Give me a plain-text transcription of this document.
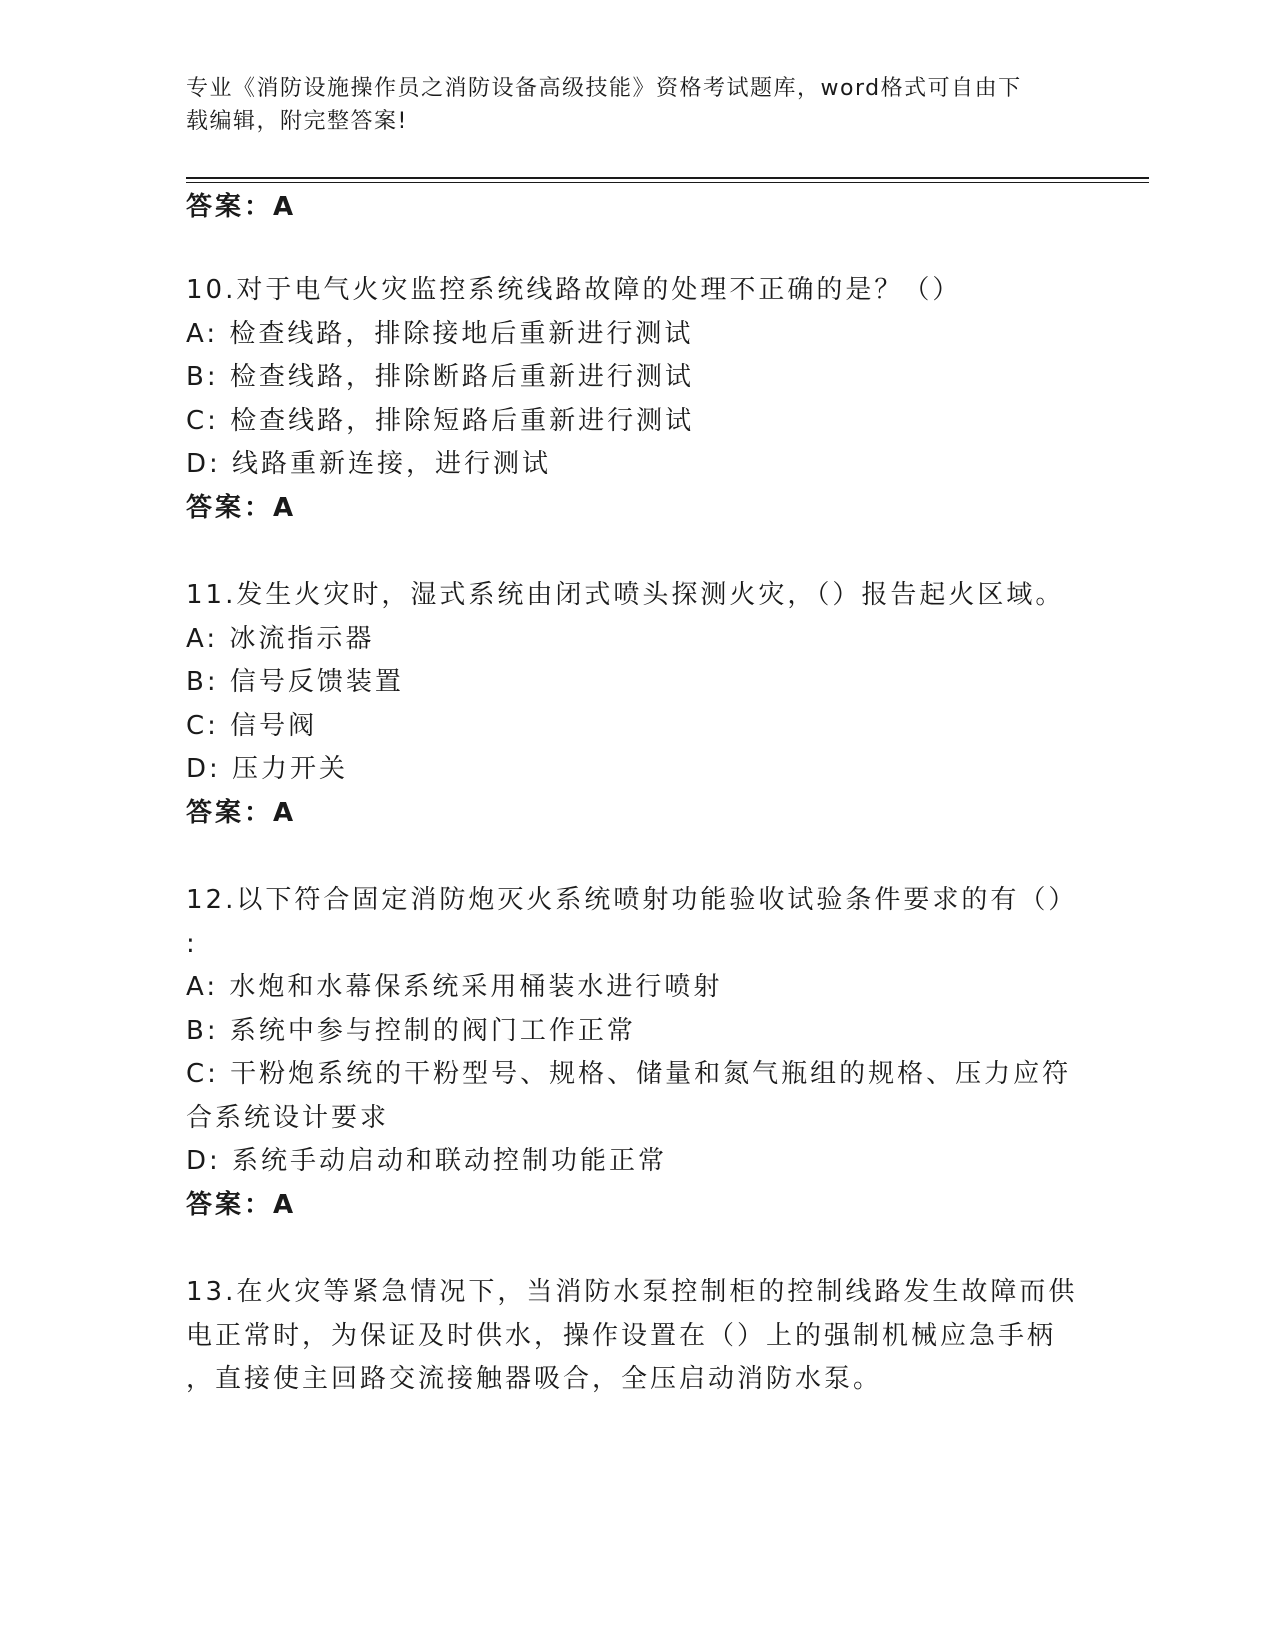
专业《消防设施操作员之消防设备高级技能》资格考试题库，word格式可自由下
载编辑，附完整答案!
答案：A
10.对于电气火灾监控系统线路故障的处理不正确的是？（）
A: 检查线路，排除接地后重新进行测试
B: 检查线路，排除断路后重新进行测试
C: 检查线路，排除短路后重新进行测试
D: 线路重新连接，进行测试
答案：A
11.发生火灾时，湿式系统由闭式喷头探测火灾，（）报告起火区域。
A: 冰流指示器
B: 信号反馈装置
C: 信号阀
D: 压力开关
答案：A
12.以下符合固定消防炮灭火系统喷射功能验收试验条件要求的有（）
:
A: 水炮和水幕保系统采用桶装水进行喷射
B: 系统中参与控制的阀门工作正常
C: 干粉炮系统的干粉型号、规格、储量和氮气瓶组的规格、压力应符
合系统设计要求
D: 系统手动启动和联动控制功能正常
答案：A
13.在火灾等紧急情况下，当消防水泵控制柜的控制线路发生故障而供
电正常时，为保证及时供水，操作设置在（）上的强制机械应急手柄
，直接使主回路交流接触器吸合，全压启动消防水泵。
